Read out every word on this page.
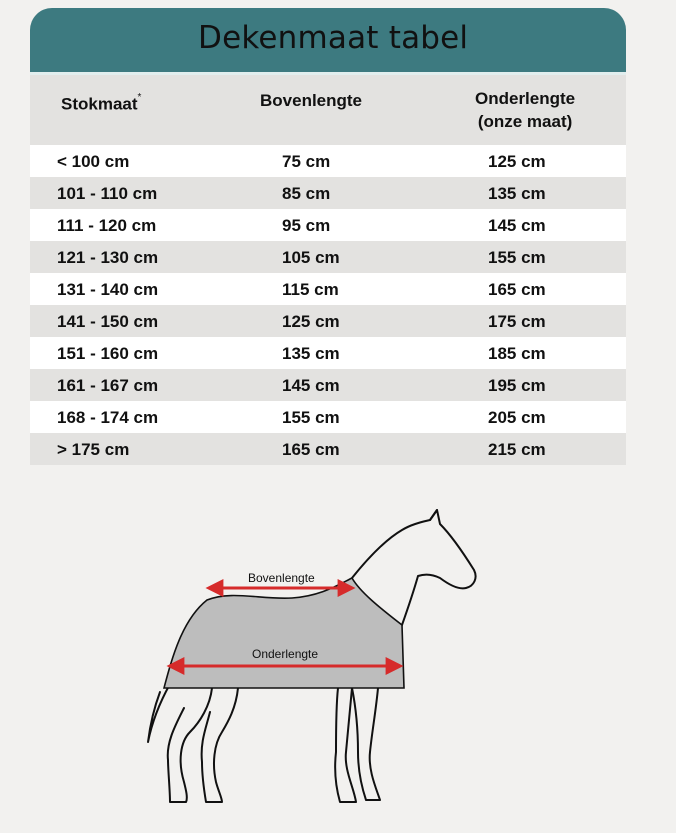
Dekenmaat tabel
Stokmaat*	Bovenlengte	Onderlengte
(onze maat)
< 100 cm	75 cm	125 cm
101 - 110 cm	85 cm	135 cm
111 - 120 cm	95 cm	145 cm
121 - 130 cm	105 cm	155 cm
131 - 140 cm	115 cm	165 cm
141 - 150 cm	125 cm	175 cm
151 - 160 cm	135 cm	185 cm
161 - 167 cm	145 cm	195 cm
168 - 174 cm	155 cm	205 cm
> 175 cm	165 cm	215 cm
Bovenlengte
Onderlengte
